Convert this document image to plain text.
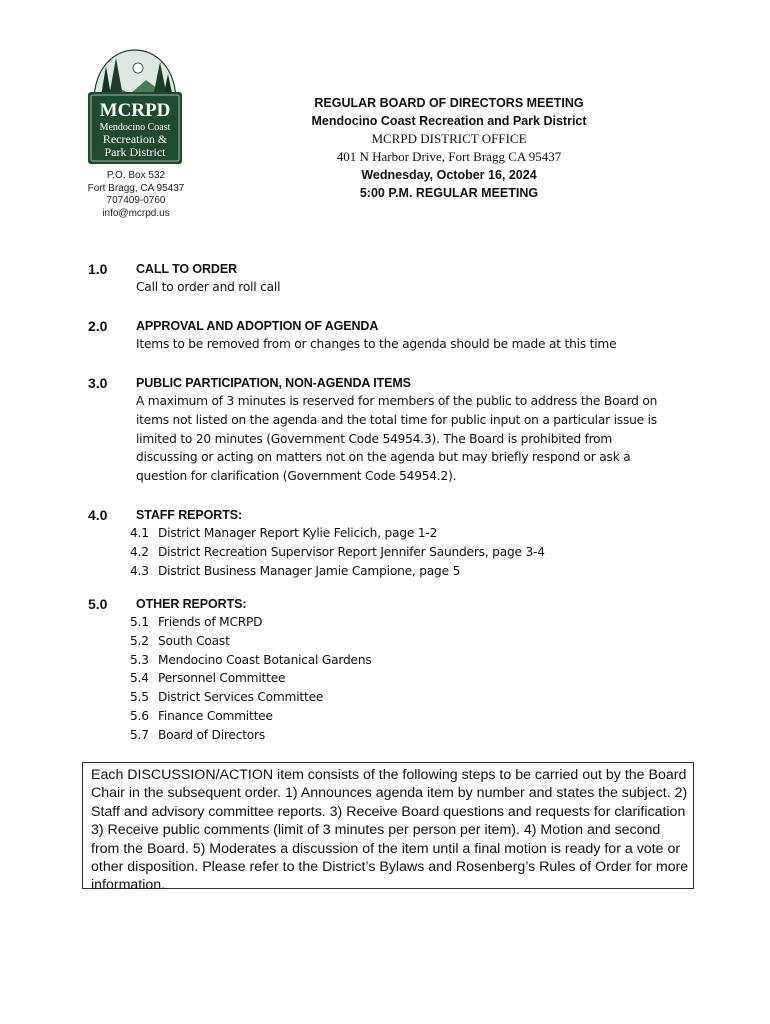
MCRPD
Mendocino Coast
Recreation &
Park District
P.O. Box 532
Fort Bragg, CA 95437
707409-0760
info@mcrpd.us
REGULAR BOARD OF DIRECTORS MEETING
Mendocino Coast Recreation and Park District
MCRPD DISTRICT OFFICE
401 N Harbor Drive, Fort Bragg CA 95437
Wednesday, October 16, 2024
5:00 P.M. REGULAR MEETING
1.0 CALL TO ORDER
Call to order and roll call
2.0 APPROVAL AND ADOPTION OF AGENDA
Items to be removed from or changes to the agenda should be made at this time
3.0 PUBLIC PARTICIPATION, NON-AGENDA ITEMS
A maximum of 3 minutes is reserved for members of the public to address the Board on items not listed on the agenda and the total time for public input on a particular issue is limited to 20 minutes (Government Code 54954.3). The Board is prohibited from discussing or acting on matters not on the agenda but may briefly respond or ask a question for clarification (Government Code 54954.2).
4.0 STAFF REPORTS:
4.1 District Manager Report Kylie Felicich, page 1-2
4.2 District Recreation Supervisor Report Jennifer Saunders, page 3-4
4.3 District Business Manager Jamie Campione, page 5
5.0 OTHER REPORTS:
5.1 Friends of MCRPD
5.2 South Coast
5.3 Mendocino Coast Botanical Gardens
5.4 Personnel Committee
5.5 District Services Committee
5.6 Finance Committee
5.7 Board of Directors
Each DISCUSSION/ACTION item consists of the following steps to be carried out by the Board Chair in the subsequent order. 1) Announces agenda item by number and states the subject. 2) Staff and advisory committee reports. 3) Receive Board questions and requests for clarification 3) Receive public comments (limit of 3 minutes per person per item). 4) Motion and second from the Board. 5) Moderates a discussion of the item until a final motion is ready for a vote or other disposition. Please refer to the District’s Bylaws and Rosenberg’s Rules of Order for more information.
